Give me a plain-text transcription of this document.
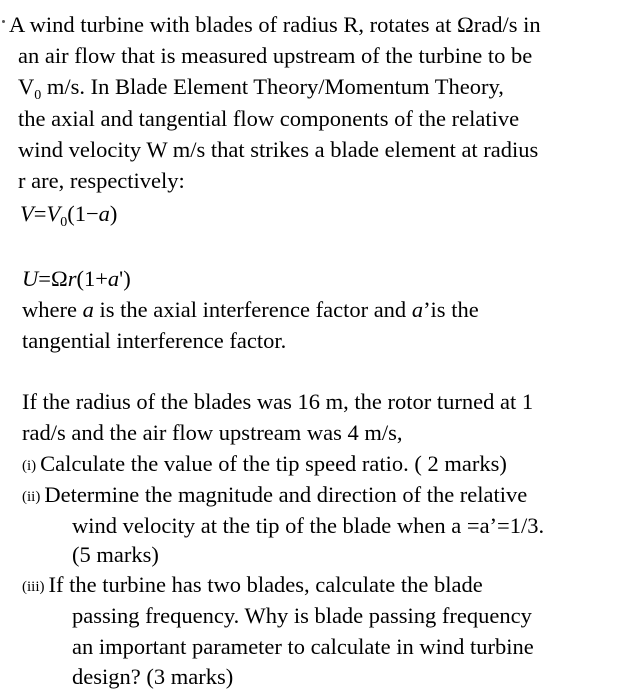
A wind turbine with blades of radius R, rotates at Ωrad/s in
an air flow that is measured upstream of the turbine to be
$V_0$ m/s. In Blade Element Theory/Momentum Theory,
the axial and tangential flow components of the relative
wind velocity W m/s that strikes a blade element at radius
r are, respectively:
$V=V_0(1-a)$
U=Ωr(1+a')
where a is the axial interference factor and a’is the
tangential interference factor.
If the radius of the blades was 16 m, the rotor turned at 1
rad/s and the air flow upstream was 4 m/s,
(i) Calculate the value of the tip speed ratio. ( 2 marks)
(ii) Determine the magnitude and direction of the relative
wind velocity at the tip of the blade when a =a’=1/3.
(5 marks)
(iii) If the turbine has two blades, calculate the blade
passing frequency. Why is blade passing frequency
an important parameter to calculate in wind turbine
design? (3 marks)
